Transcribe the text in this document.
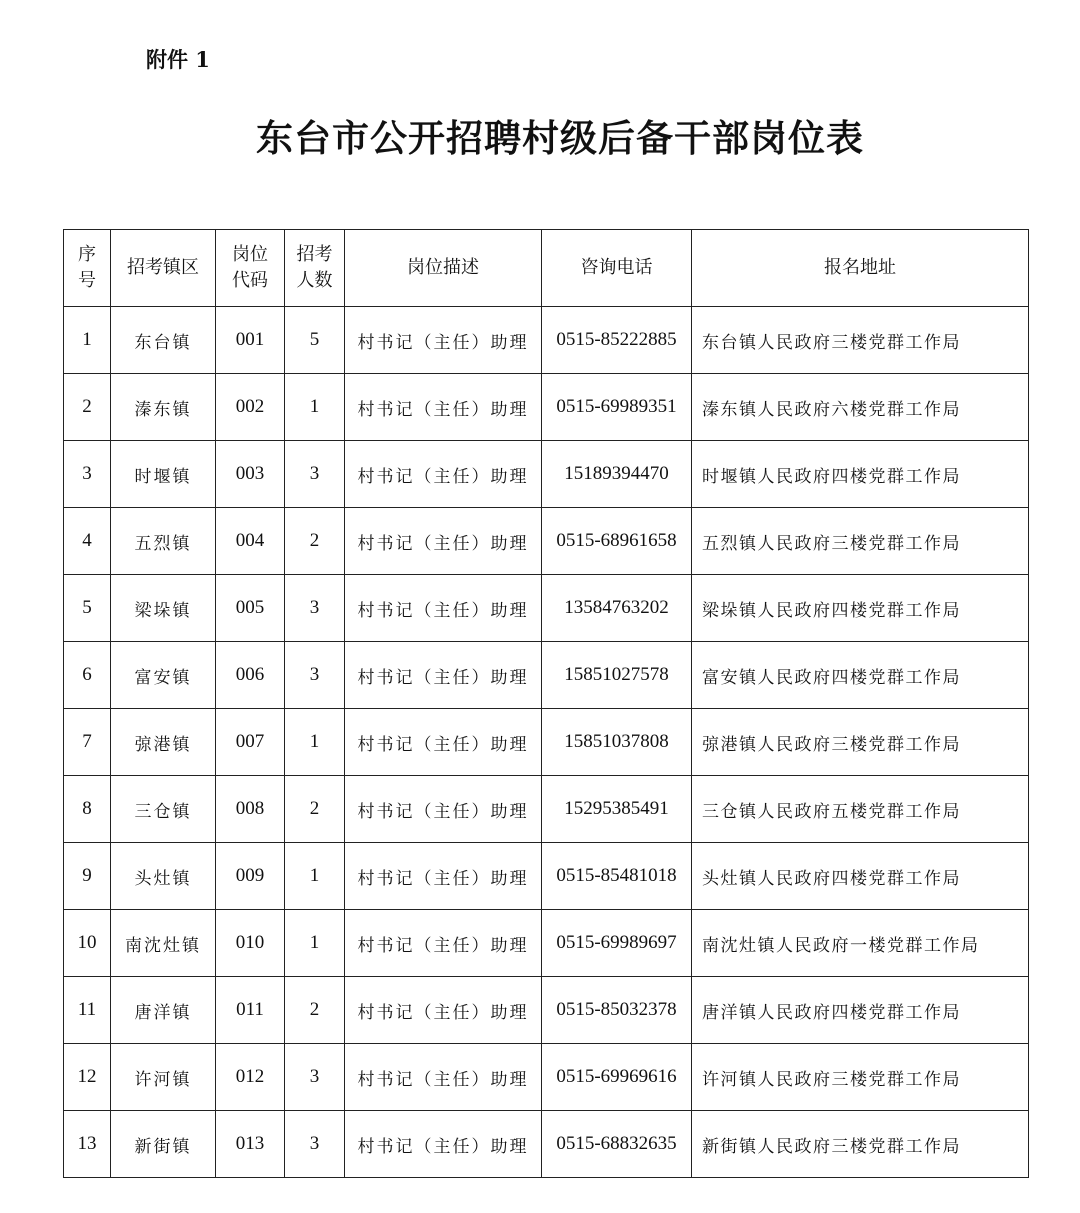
附件 1
东台市公开招聘村级后备干部岗位表
序号	招考镇区	岗位代码	招考人数	岗位描述	咨询电话	报名地址
1	东台镇	001	5	村书记（主任）助理	0515-85222885	东台镇人民政府三楼党群工作局
2	溱东镇	002	1	村书记（主任）助理	0515-69989351	溱东镇人民政府六楼党群工作局
3	时堰镇	003	3	村书记（主任）助理	15189394470	时堰镇人民政府四楼党群工作局
4	五烈镇	004	2	村书记（主任）助理	0515-68961658	五烈镇人民政府三楼党群工作局
5	梁垛镇	005	3	村书记（主任）助理	13584763202	梁垛镇人民政府四楼党群工作局
6	富安镇	006	3	村书记（主任）助理	15851027578	富安镇人民政府四楼党群工作局
7	弶港镇	007	1	村书记（主任）助理	15851037808	弶港镇人民政府三楼党群工作局
8	三仓镇	008	2	村书记（主任）助理	15295385491	三仓镇人民政府五楼党群工作局
9	头灶镇	009	1	村书记（主任）助理	0515-85481018	头灶镇人民政府四楼党群工作局
10	南沈灶镇	010	1	村书记（主任）助理	0515-69989697	南沈灶镇人民政府一楼党群工作局
11	唐洋镇	011	2	村书记（主任）助理	0515-85032378	唐洋镇人民政府四楼党群工作局
12	许河镇	012	3	村书记（主任）助理	0515-69969616	许河镇人民政府三楼党群工作局
13	新街镇	013	3	村书记（主任）助理	0515-68832635	新街镇人民政府三楼党群工作局
